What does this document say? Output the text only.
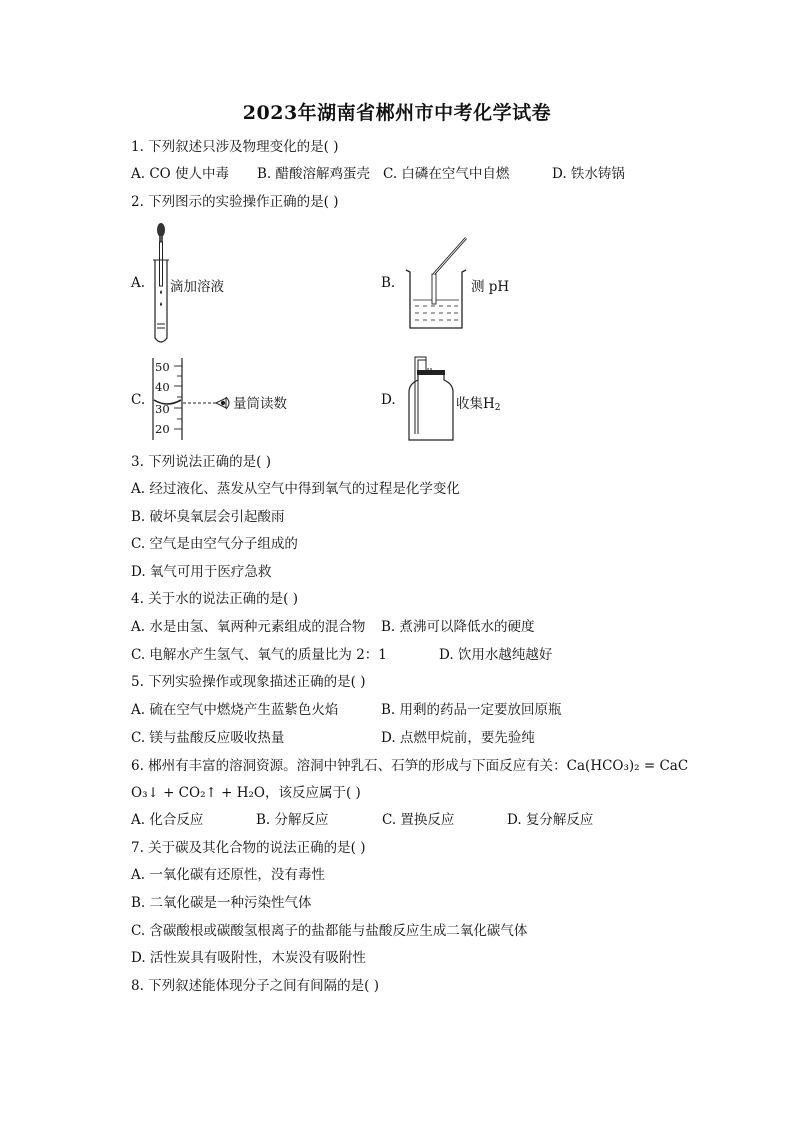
2023年湖南省郴州市中考化学试卷
1. 下列叙述只涉及物理变化的是( )
A. CO 使人中毒 B. 醋酸溶解鸡蛋壳 C. 白磷在空气中自燃	D. 铁水铸锅
2. 下列图示的实验操作正确的是( )
A. 滴加溶液	B.	测 pH
C.
50
40
30
20
量筒读数	D.	收集$H_2$
3. 下列说法正确的是( )
A. 经过液化、蒸发从空气中得到氧气的过程是化学变化
B. 破坏臭氧层会引起酸雨
C. 空气是由空气分子组成的
D. 氧气可用于医疗急救
4. 关于水的说法正确的是( )
A. 水是由氢、氧两种元素组成的混合物 B. 煮沸可以降低水的硬度
C. 电解水产生氢气、氧气的质量比为 2：1	D. 饮用水越纯越好
5. 下列实验操作或现象描述正确的是( )
A. 硫在空气中燃烧产生蓝紫色火焰	B. 用剩的药品一定要放回原瓶
C. 镁与盐酸反应吸收热量	D. 点燃甲烷前，要先验纯
6. 郴州有丰富的溶洞资源。溶洞中钟乳石、石笋的形成与下面反应有关：Ca(HCO₃)₂ = CaC
O₃↓ + CO₂↑ + H₂O，该反应属于( )
A. 化合反应	B. 分解反应	C. 置换反应	D. 复分解反应
7. 关于碳及其化合物的说法正确的是( )
A. 一氧化碳有还原性，没有毒性
B. 二氧化碳是一种污染性气体
C. 含碳酸根或碳酸氢根离子的盐都能与盐酸反应生成二氧化碳气体
D. 活性炭具有吸附性，木炭没有吸附性
8. 下列叙述能体现分子之间有间隔的是( )
